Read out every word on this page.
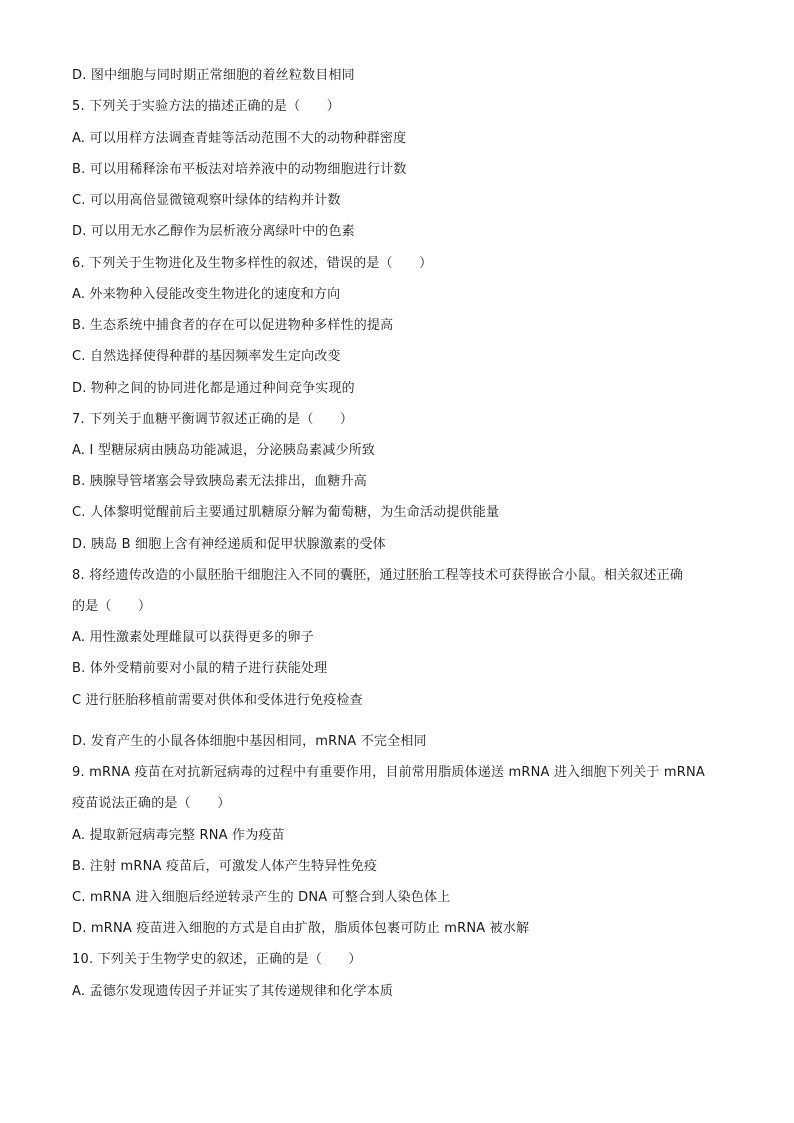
D. 图中细胞与同时期正常细胞的着丝粒数目相同
5. 下列关于实验方法的描述正确的是（　　）
A. 可以用样方法调查青蛙等活动范围不大的动物种群密度
B. 可以用稀释涂布平板法对培养液中的动物细胞进行计数
C. 可以用高倍显微镜观察叶绿体的结构并计数
D. 可以用无水乙醇作为层析液分离绿叶中的色素
6. 下列关于生物进化及生物多样性的叙述，错误的是（　　）
A. 外来物种入侵能改变生物进化的速度和方向
B. 生态系统中捕食者的存在可以促进物种多样性的提高
C. 自然选择使得种群的基因频率发生定向改变
D. 物种之间的协同进化都是通过种间竞争实现的
7. 下列关于血糖平衡调节叙述正确的是（　　）
A. I 型糖尿病由胰岛功能减退，分泌胰岛素减少所致
B. 胰腺导管堵塞会导致胰岛素无法排出，血糖升高
C. 人体黎明觉醒前后主要通过肌糖原分解为葡萄糖，为生命活动提供能量
D. 胰岛 B 细胞上含有神经递质和促甲状腺激素的受体
8. 将经遗传改造的小鼠胚胎干细胞注入不同的囊胚，通过胚胎工程等技术可获得嵌合小鼠。相关叙述正确
的是（　　）
A. 用性激素处理雌鼠可以获得更多的卵子
B. 体外受精前要对小鼠的精子进行获能处理
C 进行胚胎移植前需要对供体和受体进行免疫检查
D. 发育产生的小鼠各体细胞中基因相同，mRNA 不完全相同
9. mRNA 疫苗在对抗新冠病毒的过程中有重要作用，目前常用脂质体递送 mRNA 进入细胞下列关于 mRNA
疫苗说法正确的是（　　）
A. 提取新冠病毒完整 RNA 作为疫苗
B. 注射 mRNA 疫苗后，可激发人体产生特异性免疫
C. mRNA 进入细胞后经逆转录产生的 DNA 可整合到人染色体上
D. mRNA 疫苗进入细胞的方式是自由扩散，脂质体包裹可防止 mRNA 被水解
10. 下列关于生物学史的叙述，正确的是（　　）
A. 孟德尔发现遗传因子并证实了其传递规律和化学本质
